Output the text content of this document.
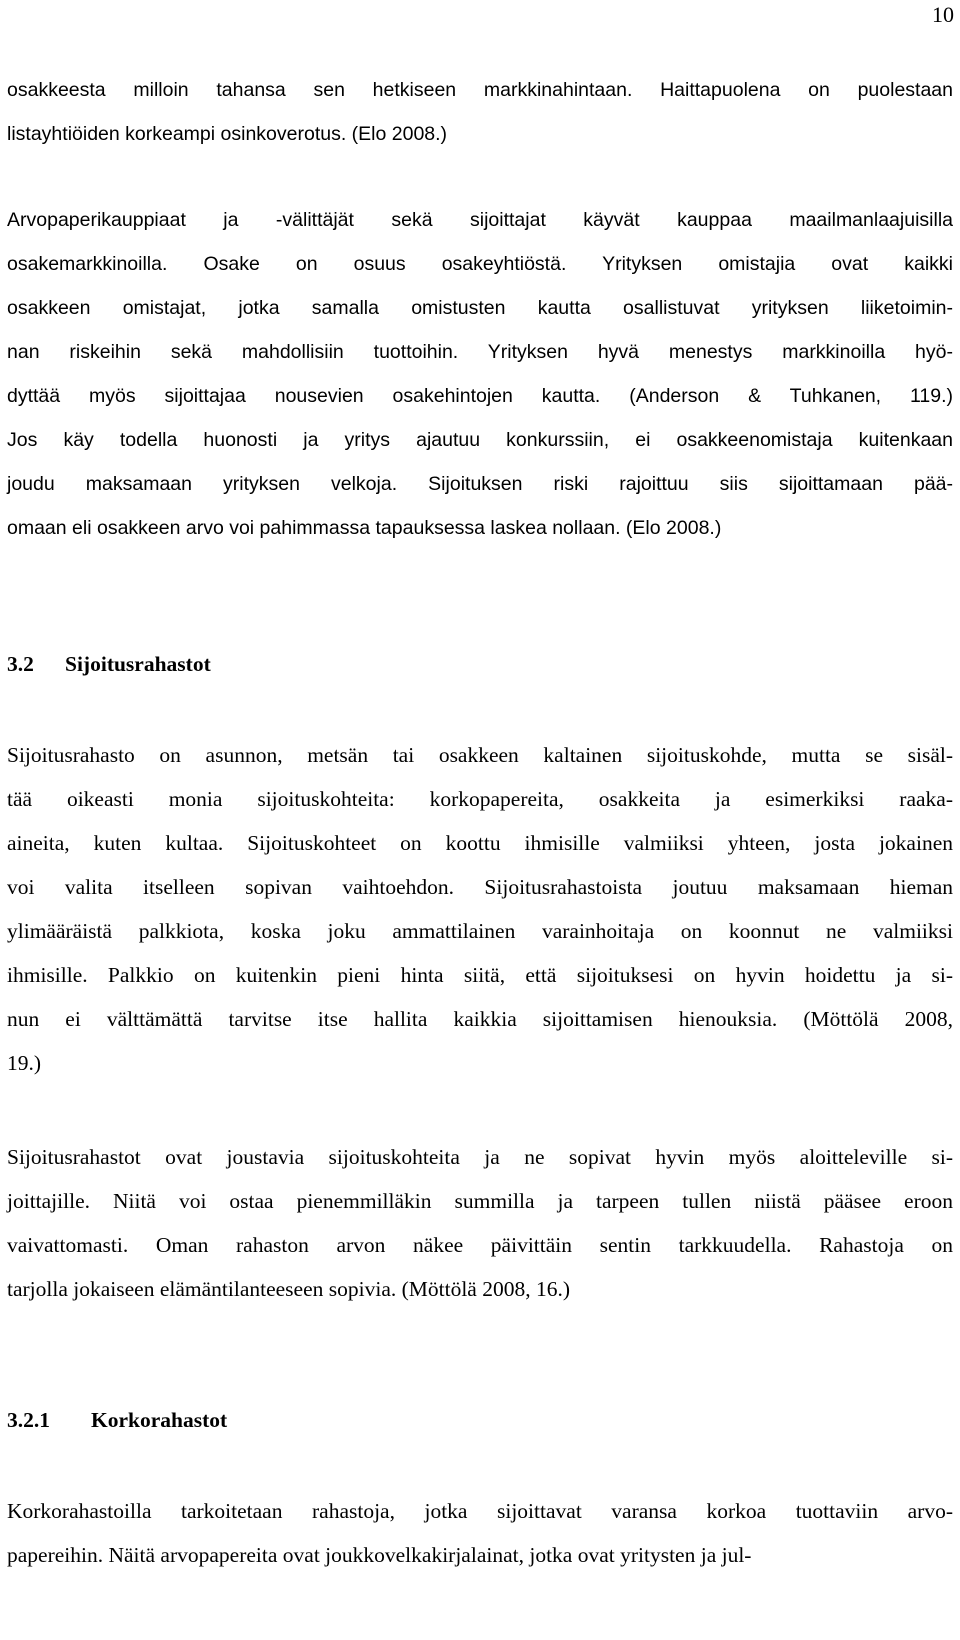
10
osakkeesta milloin tahansa sen hetkiseen markkinahintaan. Haittapuolena on puolestaan
listayhtiöiden korkeampi osinkoverotus. (Elo 2008.)
Arvopaperikauppiaat ja -välittäjät sekä sijoittajat käyvät kauppaa maailmanlaajuisilla
osakemarkkinoilla. Osake on osuus osakeyhtiöstä. Yrityksen omistajia ovat kaikki
osakkeen omistajat, jotka samalla omistusten kautta osallistuvat yrityksen liiketoimin-
nan riskeihin sekä mahdollisiin tuottoihin. Yrityksen hyvä menestys markkinoilla hyö-
dyttää myös sijoittajaa nousevien osakehintojen kautta. (Anderson & Tuhkanen, 119.)
Jos käy todella huonosti ja yritys ajautuu konkurssiin, ei osakkeenomistaja kuitenkaan
joudu maksamaan yrityksen velkoja. Sijoituksen riski rajoittuu siis sijoittamaan pää-
omaan eli osakkeen arvo voi pahimmassa tapauksessa laskea nollaan. (Elo 2008.)
3.2 Sijoitusrahastot
Sijoitusrahasto on asunnon, metsän tai osakkeen kaltainen sijoituskohde, mutta se sisäl-
tää oikeasti monia sijoituskohteita: korkopapereita, osakkeita ja esimerkiksi raaka-
aineita, kuten kultaa. Sijoituskohteet on koottu ihmisille valmiiksi yhteen, josta jokainen
voi valita itselleen sopivan vaihtoehdon. Sijoitusrahastoista joutuu maksamaan hieman
ylimääräistä palkkiota, koska joku ammattilainen varainhoitaja on koonnut ne valmiiksi
ihmisille. Palkkio on kuitenkin pieni hinta siitä, että sijoituksesi on hyvin hoidettu ja si-
nun ei välttämättä tarvitse itse hallita kaikkia sijoittamisen hienouksia. (Möttölä 2008,
19.)
Sijoitusrahastot ovat joustavia sijoituskohteita ja ne sopivat hyvin myös aloitteleville si-
joittajille. Niitä voi ostaa pienemmilläkin summilla ja tarpeen tullen niistä pääsee eroon
vaivattomasti. Oman rahaston arvon näkee päivittäin sentin tarkkuudella. Rahastoja on
tarjolla jokaiseen elämäntilanteeseen sopivia. (Möttölä 2008, 16.)
3.2.1 Korkorahastot
Korkorahastoilla tarkoitetaan rahastoja, jotka sijoittavat varansa korkoa tuottaviin arvo-
papereihin. Näitä arvopapereita ovat joukkovelkakirjalainat, jotka ovat yritysten ja jul-
